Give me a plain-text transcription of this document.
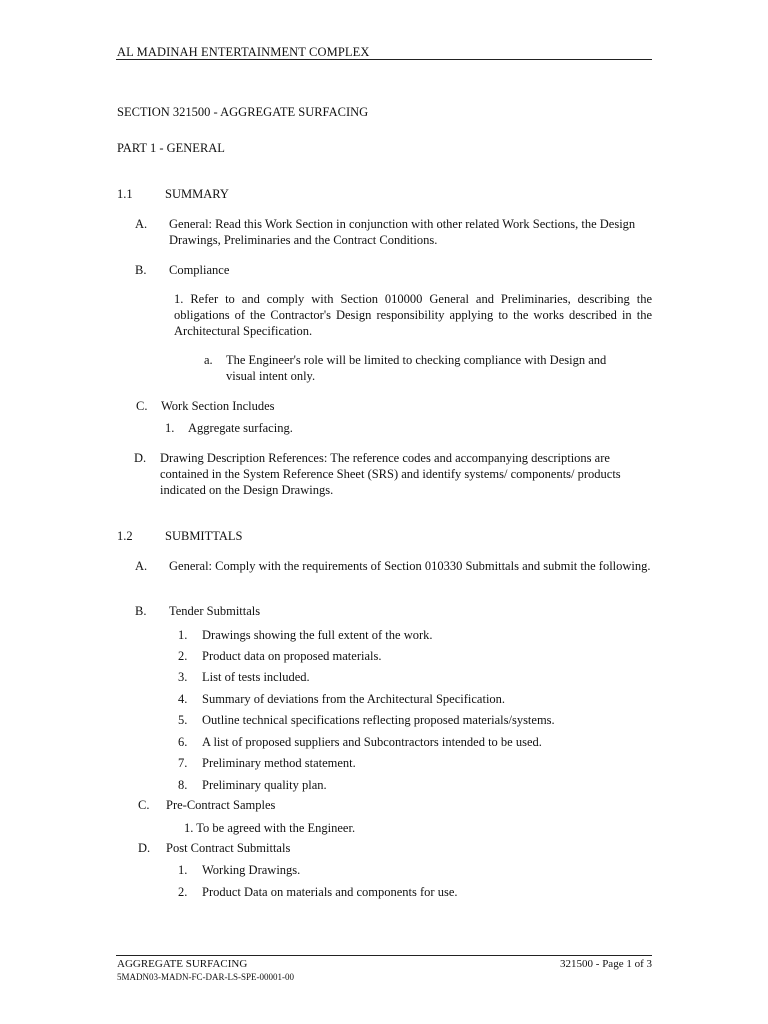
AL MADINAH ENTERTAINMENT COMPLEX
SECTION 321500 - AGGREGATE SURFACING
PART 1 - GENERAL
1.1	SUMMARY
A. General: Read this Work Section in conjunction with other related Work Sections, the Design Drawings, Preliminaries and the Contract Conditions.
B. Compliance
1. Refer to and comply with Section 010000 General and Preliminaries, describing the obligations of the Contractor's Design responsibility applying to the works described in the Architectural Specification.
a. The Engineer's role will be limited to checking compliance with Design and visual intent only.
C. Work Section Includes
1. Aggregate surfacing.
D. Drawing Description References: The reference codes and accompanying descriptions are contained in the System Reference Sheet (SRS) and identify systems/ components/ products indicated on the Design Drawings.
1.2	SUBMITTALS
A. General: Comply with the requirements of Section 010330 Submittals and submit the following.
B. Tender Submittals
1. Drawings showing the full extent of the work.
2. Product data on proposed materials.
3. List of tests included.
4. Summary of deviations from the Architectural Specification.
5. Outline technical specifications reflecting proposed materials/systems.
6. A list of proposed suppliers and Subcontractors intended to be used.
7. Preliminary method statement.
8. Preliminary quality plan.
C. Pre-Contract Samples
1. To be agreed with the Engineer.
D. Post Contract Submittals
1. Working Drawings.
2. Product Data on materials and components for use.
AGGREGATE SURFACING
5MADN03-MADN-FC-DAR-LS-SPE-00001-00
321500 - Page 1 of 3
